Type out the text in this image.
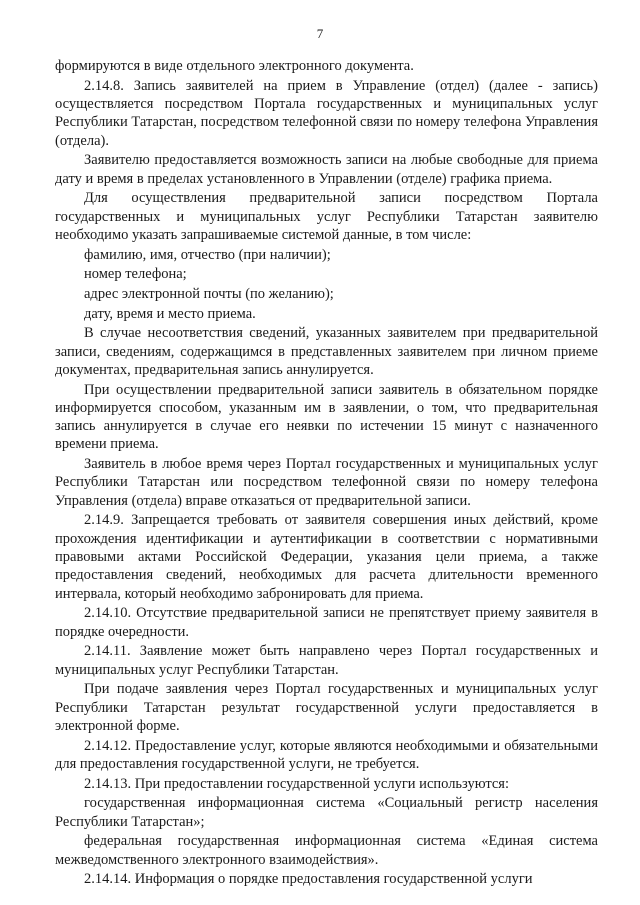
7

формируются в виде отдельного электронного документа.

2.14.8. Запись заявителей на прием в Управление (отдел) (далее - запись) осуществляется посредством Портала государственных и муниципальных услуг Республики Татарстан, посредством телефонной связи по номеру телефона Управления (отдела).

Заявителю предоставляется возможность записи на любые свободные для приема дату и время в пределах установленного в Управлении (отделе) графика приема.

Для осуществления предварительной записи посредством Портала государственных и муниципальных услуг Республики Татарстан заявителю необходимо указать запрашиваемые системой данные, в том числе:

фамилию, имя, отчество (при наличии);

номер телефона;

адрес электронной почты (по желанию);

дату, время и место приема.

В случае несоответствия сведений, указанных заявителем при предварительной записи, сведениям, содержащимся в представленных заявителем при личном приеме документах, предварительная запись аннулируется.

При осуществлении предварительной записи заявитель в обязательном порядке информируется способом, указанным им в заявлении, о том, что предварительная запись аннулируется в случае его неявки по истечении 15 минут с назначенного времени приема.

Заявитель в любое время через Портал государственных и муниципальных услуг Республики Татарстан или посредством телефонной связи по номеру телефона Управления (отдела) вправе отказаться от предварительной записи.

2.14.9. Запрещается требовать от заявителя совершения иных действий, кроме прохождения идентификации и аутентификации в соответствии с нормативными правовыми актами Российской Федерации, указания цели приема, а также предоставления сведений, необходимых для расчета длительности временного интервала, который необходимо забронировать для приема.

2.14.10. Отсутствие предварительной записи не препятствует приему заявителя в порядке очередности.

2.14.11. Заявление может быть направлено через Портал государственных и муниципальных услуг Республики Татарстан.

При подаче заявления через Портал государственных и муниципальных услуг Республики Татарстан результат государственной услуги предоставляется в электронной форме.

2.14.12. Предоставление услуг, которые являются необходимыми и обязательными для предоставления государственной услуги, не требуется.

2.14.13. При предоставлении государственной услуги используются:

государственная информационная система «Социальный регистр населения Республики Татарстан»;

федеральная государственная информационная система «Единая система межведомственного электронного взаимодействия».

2.14.14. Информация о порядке предоставления государственной услуги
